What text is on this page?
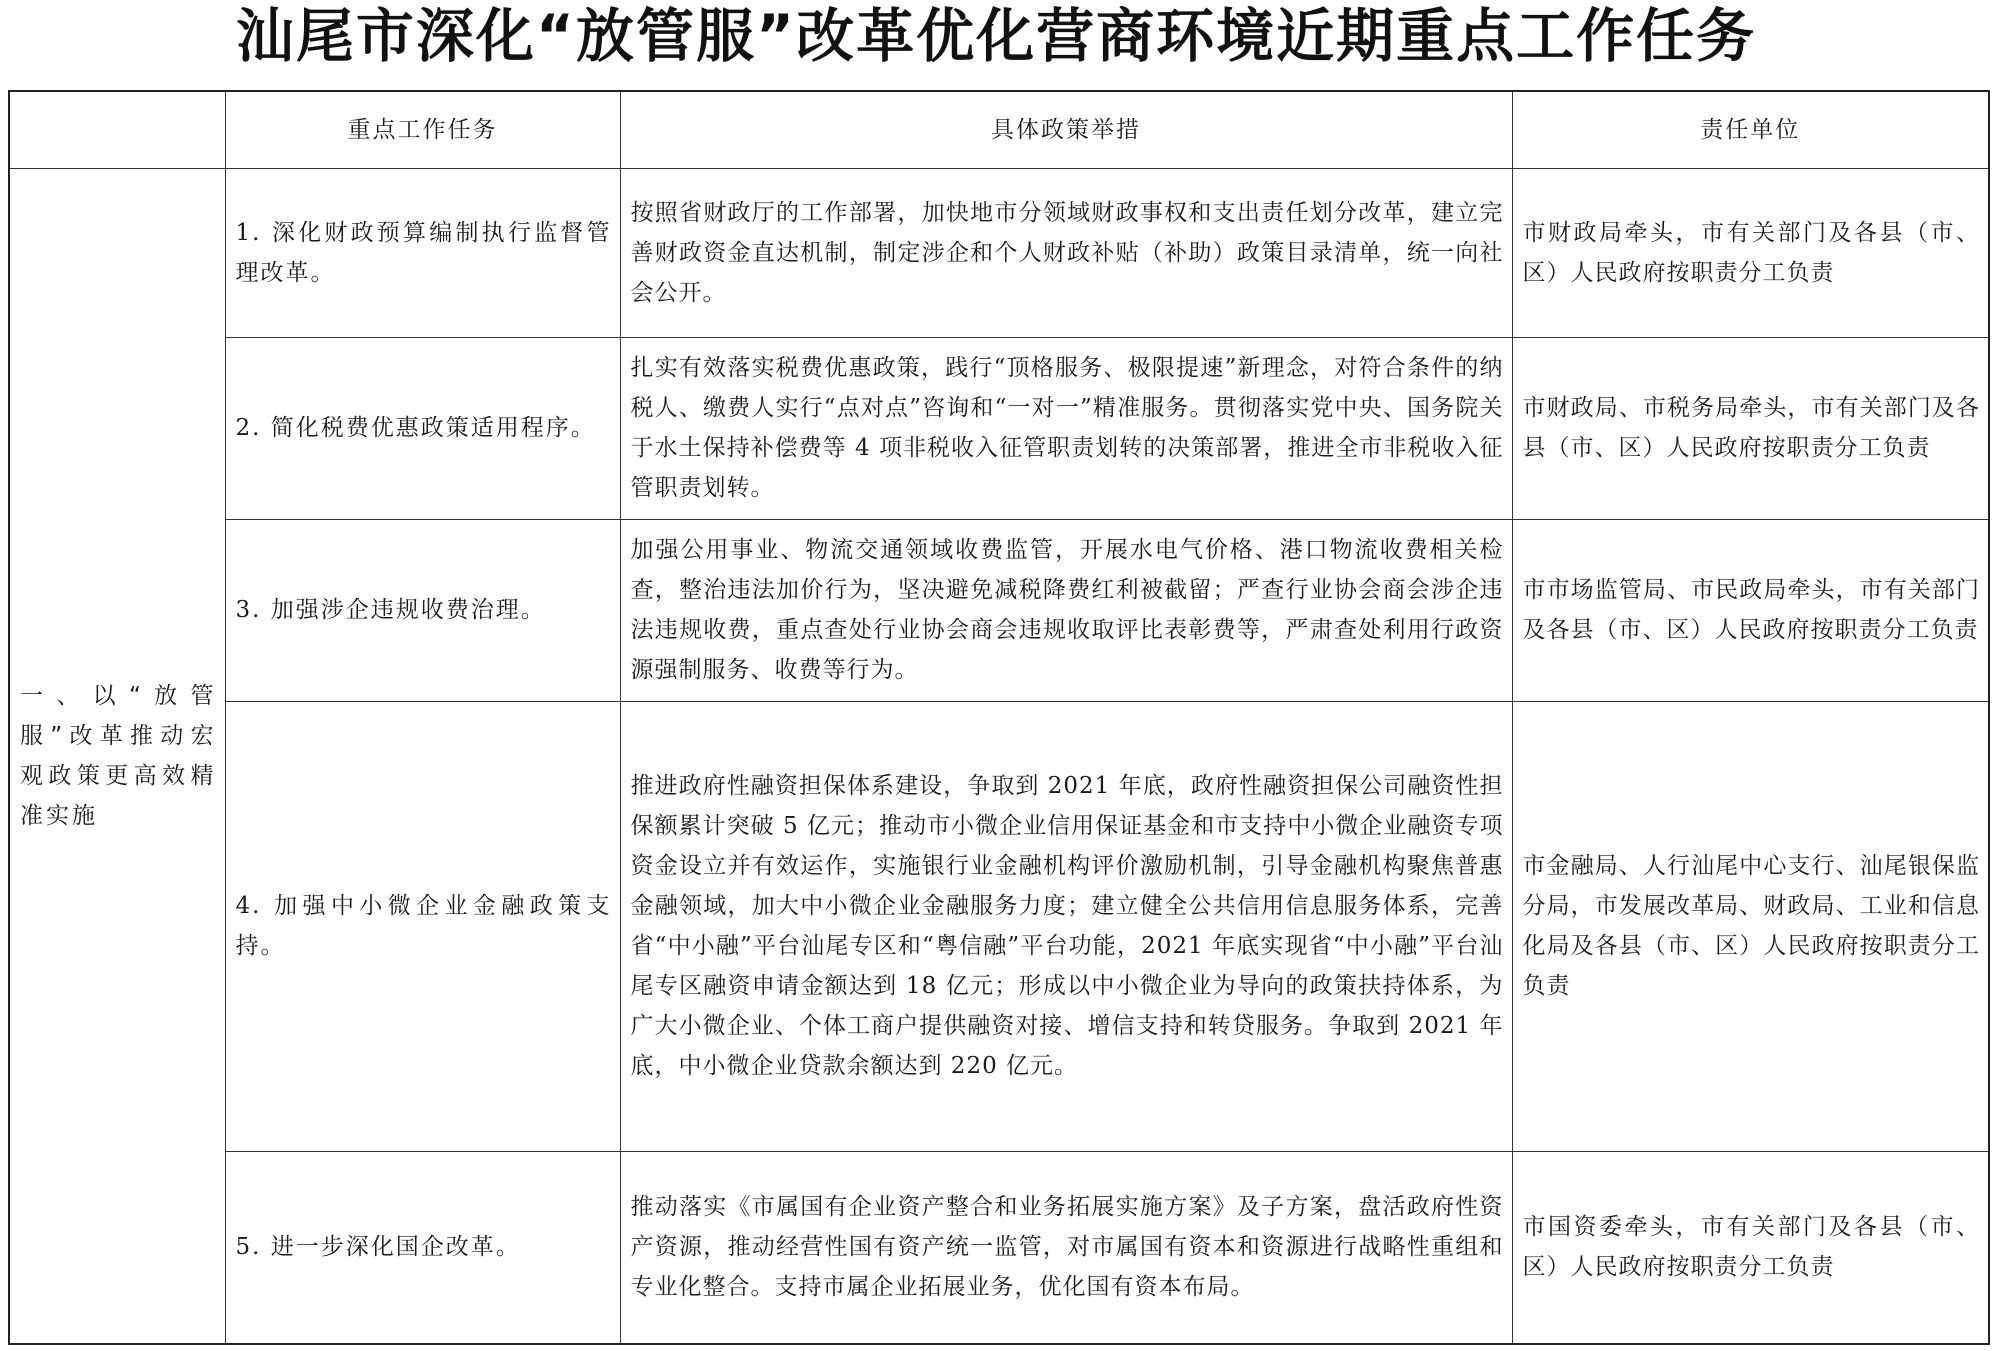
汕尾市深化“放管服”改革优化营商环境近期重点工作任务
	重点工作任务	具体政策举措	责任单位
一、以“放管服”改革推动宏观政策更高效精准实施	1. 深化财政预算编制执行监督管理改革。	按照省财政厅的工作部署，加快地市分领域财政事权和支出责任划分改革，建立完善财政资金直达机制，制定涉企和个人财政补贴（补助）政策目录清单，统一向社会公开。	市财政局牵头，市有关部门及各县（市、区）人民政府按职责分工负责
	2. 简化税费优惠政策适用程序。	扎实有效落实税费优惠政策，践行“顶格服务、极限提速”新理念，对符合条件的纳税人、缴费人实行“点对点”咨询和“一对一”精准服务。贯彻落实党中央、国务院关于水土保持补偿费等 4 项非税收入征管职责划转的决策部署，推进全市非税收入征管职责划转。	市财政局、市税务局牵头，市有关部门及各县（市、区）人民政府按职责分工负责
	3. 加强涉企违规收费治理。	加强公用事业、物流交通领域收费监管，开展水电气价格、港口物流收费相关检查，整治违法加价行为，坚决避免减税降费红利被截留；严查行业协会商会涉企违法违规收费，重点查处行业协会商会违规收取评比表彰费等，严肃查处利用行政资源强制服务、收费等行为。	市市场监管局、市民政局牵头，市有关部门及各县（市、区）人民政府按职责分工负责
	4. 加强中小微企业金融政策支持。	推进政府性融资担保体系建设，争取到 2021 年底，政府性融资担保公司融资性担保额累计突破 5 亿元；推动市小微企业信用保证基金和市支持中小微企业融资专项资金设立并有效运作，实施银行业金融机构评价激励机制，引导金融机构聚焦普惠金融领域，加大中小微企业金融服务力度；建立健全公共信用信息服务体系，完善省“中小融”平台汕尾专区和“粤信融”平台功能，2021 年底实现省“中小融”平台汕尾专区融资申请金额达到 18 亿元；形成以中小微企业为导向的政策扶持体系，为广大小微企业、个体工商户提供融资对接、增信支持和转贷服务。争取到 2021 年底，中小微企业贷款余额达到 220 亿元。	市金融局、人行汕尾中心支行、汕尾银保监分局，市发展改革局、财政局、工业和信息化局及各县（市、区）人民政府按职责分工负责
	5. 进一步深化国企改革。	推动落实《市属国有企业资产整合和业务拓展实施方案》及子方案，盘活政府性资产资源，推动经营性国有资产统一监管，对市属国有资本和资源进行战略性重组和专业化整合。支持市属企业拓展业务，优化国有资本布局。	市国资委牵头，市有关部门及各县（市、区）人民政府按职责分工负责
